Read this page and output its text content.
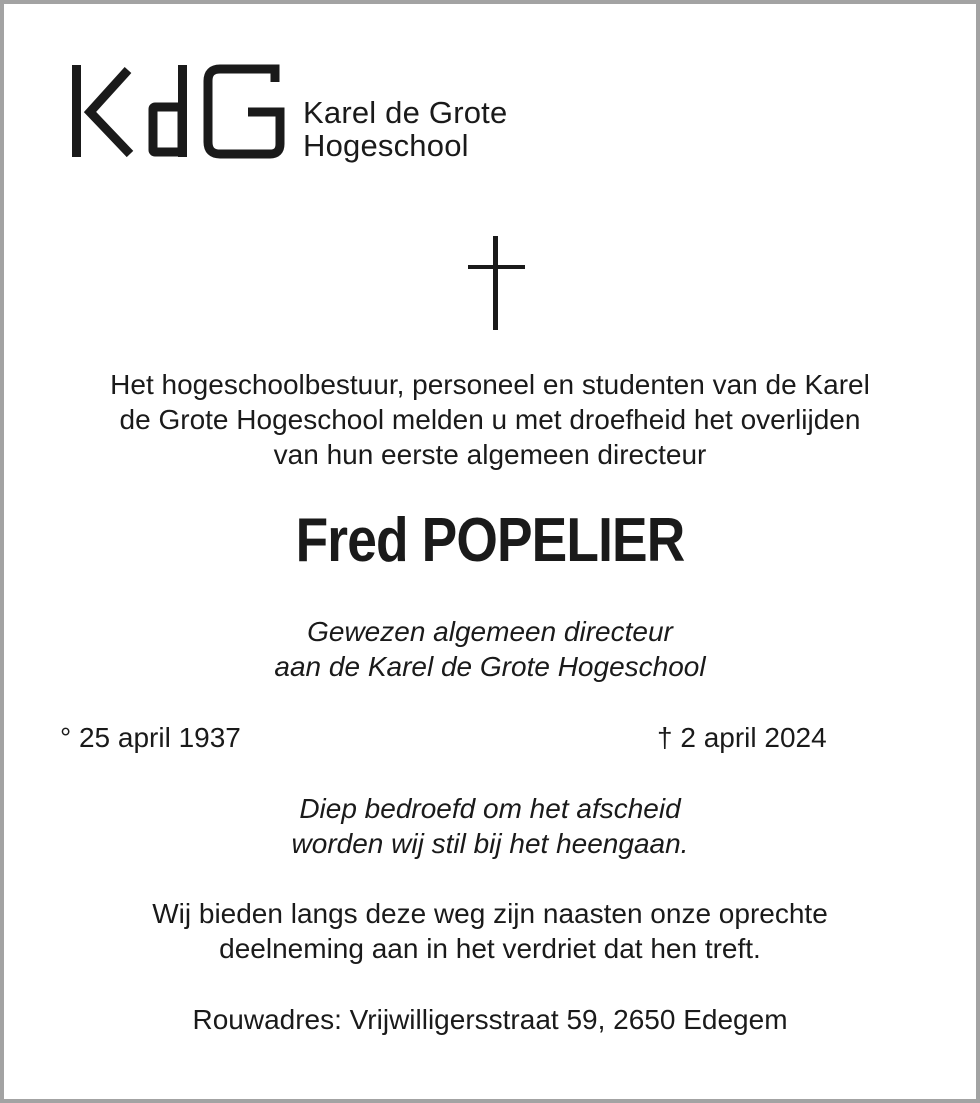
Karel de Grote
Hogeschool
Het hogeschoolbestuur, personeel en studenten van de Karel
de Grote Hogeschool melden u met droefheid het overlijden
van hun eerste algemeen directeur
Fred POPELIER
Gewezen algemeen directeur
aan de Karel de Grote Hogeschool
° 25 april 1937	† 2 april 2024
Diep bedroefd om het afscheid
worden wij stil bij het heengaan.
Wij bieden langs deze weg zijn naasten onze oprechte
deelneming aan in het verdriet dat hen treft.
Rouwadres: Vrijwilligersstraat 59, 2650 Edegem
